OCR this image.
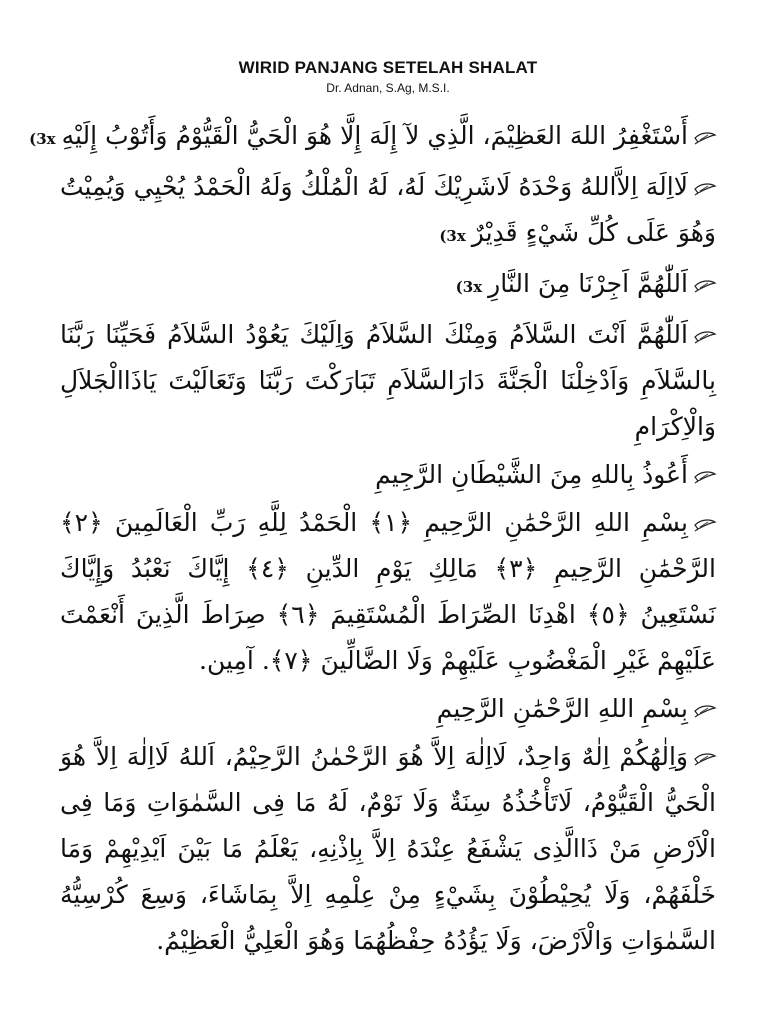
WIRID PANJANG SETELAH SHALAT
Dr. Adnan, S.Ag, M.S.I.
أَسْتَغْفِرُ اللهَ العَظِيْمَ، الَّذِي لآ إِلَهَ إِلَّا هُوَ الْحَيُّ الْقَيُّوْمُ وَأَتُوْبُ إِلَيْهِ(3x
لَااِلَهَ اِلاَّاللهُ وَحْدَهُ لَاشَرِيْكَ لَهُ، لَهُ الْمُلْكُ وَلَهُ الْحَمْدُ يُحْيِي وَيُمِيْتُ وَهُوَ عَلَى كُلِّ شَيْءٍ قَدِيْرٌ(3x
اَللّٰهُمَّ اَجِرْنَا مِنَ النَّارِ(3x
اَللّٰهُمَّ اَنْتَ السَّلاَمُ وَمِنْكَ السَّلاَمُ وَاِلَيْكَ يَعُوْدُ السَّلاَمُ فَحَيِّنَا رَبَّنَا بِالسَّلاَمِ وَاَدْخِلْنَا الْجَنَّةَ دَارَالسَّلاَمِ تَبَارَكْتَ رَبَّنَا وَتَعَالَيْتَ يَاذَاالْجَلاَلِ وَالْاِكْرَامِ
أَعُوذُ بِاللهِ مِنَ الشَّيْطَانِ الرَّجِيمِ
بِسْمِ اللهِ الرَّحْمَٰنِ الرَّحِيمِ ﴿١﴾ الْحَمْدُ لِلَّهِ رَبِّ الْعَالَمِينَ ﴿٢﴾ الرَّحْمَٰنِ الرَّحِيمِ ﴿٣﴾ مَالِكِ يَوْمِ الدِّينِ ﴿٤﴾ إِيَّاكَ نَعْبُدُ وَإِيَّاكَ نَسْتَعِينُ ﴿٥﴾ اهْدِنَا الصِّرَاطَ الْمُسْتَقِيمَ ﴿٦﴾ صِرَاطَ الَّذِينَ أَنْعَمْتَ عَلَيْهِمْ غَيْرِ الْمَغْضُوبِ عَلَيْهِمْ وَلَا الضَّالِّينَ ﴿٧﴾. آمِين.
بِسْمِ اللهِ الرَّحْمَٰنِ الرَّحِيمِ
وَاِلٰهُكُمْ اِلٰهٌ وَاحِدٌ، لَااِلٰهَ اِلاَّ هُوَ الرَّحْمٰنُ الرَّحِيْمُ، اَللهُ لَااِلٰهَ اِلاَّ هُوَ الْحَيُّ الْقَيُّوْمُ، لَاتَأْخُذُهُ سِنَةٌ وَلَا نَوْمٌ، لَهُ مَا فِى السَّمٰوَاتِ وَمَا فِى الْاَرْضِ مَنْ ذَاالَّذِى يَشْفَعُ عِنْدَهُ اِلاَّ بِاِذْنِهِ، يَعْلَمُ مَا بَيْنَ اَيْدِيْهِمْ وَمَا خَلْفَهُمْ، وَلَا يُحِيْطُوْنَ بِشَيْءٍ مِنْ عِلْمِهِ اِلاَّ بِمَاشَاءَ، وَسِعَ كُرْسِيُّهُ السَّمٰوَاتِ وَالْاَرْضَ، وَلَا يَؤُدُهُ حِفْظُهُمَا وَهُوَ الْعَلِيُّ الْعَظِيْمُ.
